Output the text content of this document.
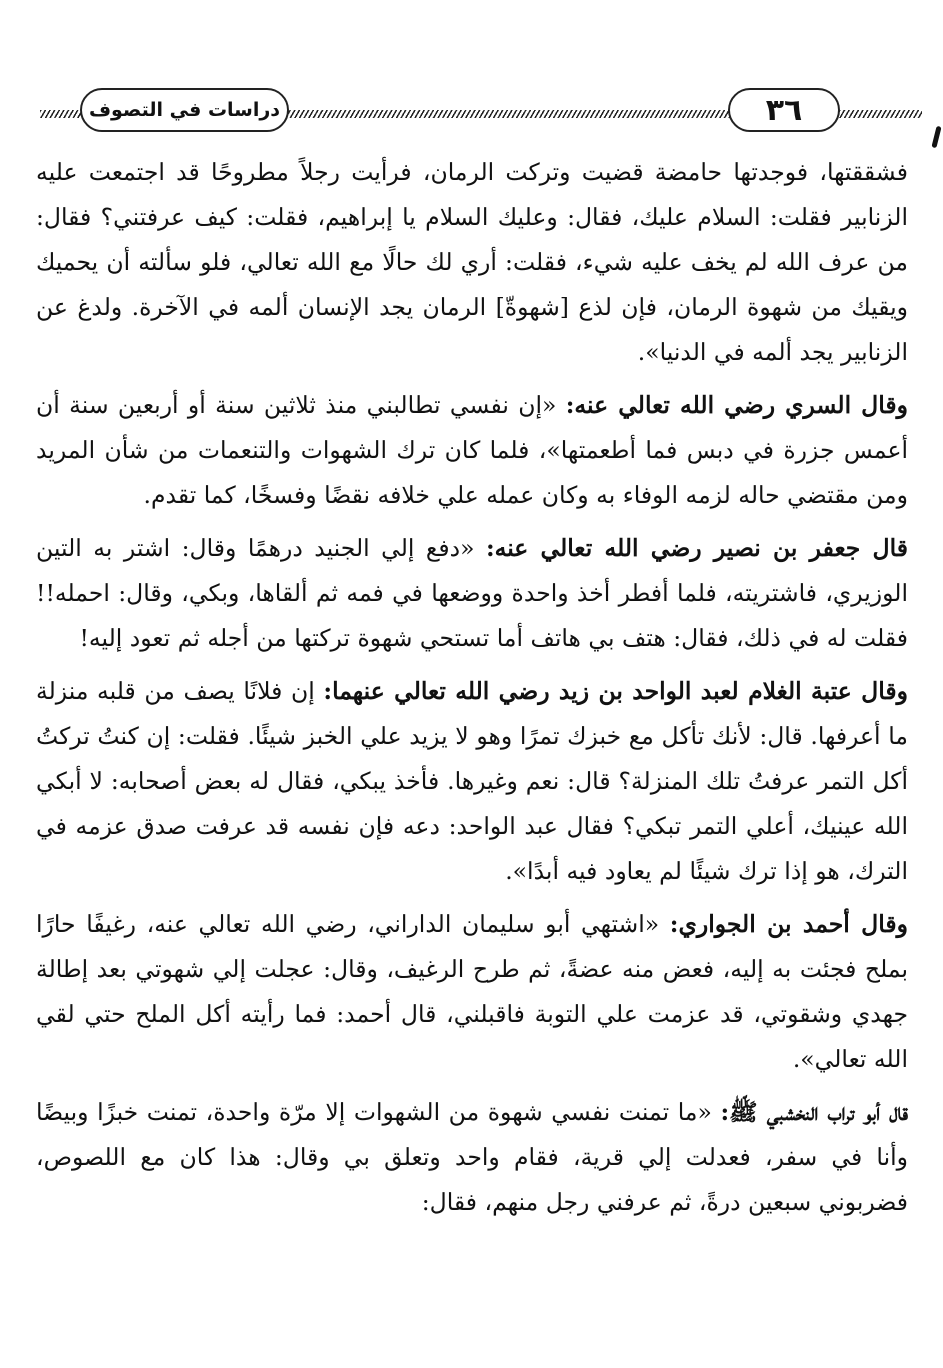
دراسات في التصوف	٣٦

فشققتها، فوجدتها حامضة قضيت وتركت الرمان، فرأيت رجلاً مطروحًا قد اجتمعت عليه الزنابير فقلت: السلام عليك، فقال: وعليك السلام يا إبراهيم، فقلت: كيف عرفتني؟ فقال: من عرف الله لم يخف عليه شيء، فقلت: أري لك حالًا مع الله تعالي، فلو سألته أن يحميك ويقيك من شهوة الرمان، فإن لذع [شهوةّ] الرمان يجد الإنسان ألمه في الآخرة. ولدغ عن الزنابير يجد ألمه في الدنيا».

وقال السري رضي الله تعالي عنه: «إن نفسي تطالبني منذ ثلاثين سنة أو أربعين سنة أن أعمس جزرة في دبس فما أطعمتها»، فلما كان ترك الشهوات والتنعمات من شأن المريد ومن مقتضي حاله لزمه الوفاء به وكان عمله علي خلافه نقضًا وفسخًا، كما تقدم.

قال جعفر بن نصير رضي الله تعالي عنه: «دفع إلي الجنيد درهمًا وقال: اشتر به التين الوزيري، فاشتريته، فلما أفطر أخذ واحدة ووضعها في فمه ثم ألقاها، وبكي، وقال: احمله!! فقلت له في ذلك، فقال: هتف بي هاتف أما تستحي شهوة تركتها من أجله ثم تعود إليه!

وقال عتبة الغلام لعبد الواحد بن زيد رضي الله تعالي عنهما: إن فلانًا يصف من قلبه منزلة ما أعرفها. قال: لأنك تأكل مع خبزك تمرًا وهو لا يزيد علي الخبز شيئًا. فقلت: إن كنتُ تركتُ أكل التمر عرفتُ تلك المنزلة؟ قال: نعم وغيرها. فأخذ يبكي، فقال له بعض أصحابه: لا أبكي الله عينيك، أعلي التمر تبكي؟ فقال عبد الواحد: دعه فإن نفسه قد عرفت صدق عزمه في الترك، هو إذا ترك شيئًا لم يعاود فيه أبدًا».

وقال أحمد بن الجواري: «اشتهي أبو سليمان الداراني، رضي الله تعالي عنه، رغيفًا حارًا بملح فجئت به إليه، فعض منه عضةً، ثم طرح الرغيف، وقال: عجلت إلي شهوتي بعد إطالة جهدي وشقوتي، قد عزمت علي التوبة فاقبلني، قال أحمد: فما رأيته أكل الملح حتي لقي الله تعالي».

قال أبو تراب النخشبي ﷺ: «ما تمنت نفسي شهوة من الشهوات إلا مرّة واحدة، تمنت خبزًا وبيضًا وأنا في سفر، فعدلت إلي قرية، فقام واحد وتعلق بي وقال: هذا كان مع اللصوص، فضربوني سبعين درةً، ثم عرفني رجل منهم، فقال:
